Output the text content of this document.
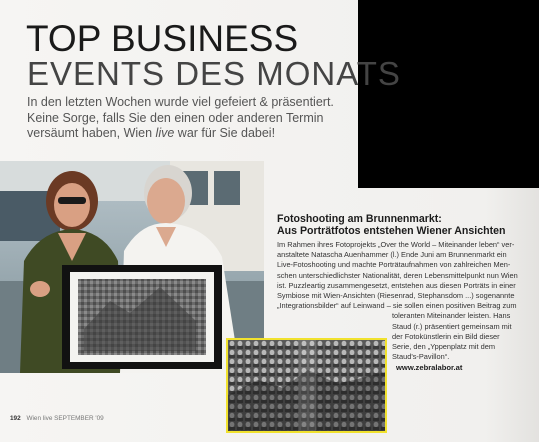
TOP BUSINESS
EVENTS DES MONATS

In den letzten Wochen wurde viel gefeiert & präsentiert.
Keine Sorge, falls Sie den einen oder anderen Termin
versäumt haben, Wien live war für Sie dabei!

Fotoshooting am Brunnenmarkt:
Aus Porträtfotos entstehen Wiener Ansichten

Im Rahmen ihres Fotoprojekts „Over the World – Miteinander leben“ ver-
anstaltete Natascha Auenhammer (l.) Ende Juni am Brunnenmarkt ein
Live-Fotoshooting und machte Porträtaufnahmen von zahlreichen Men-
schen unterschiedlichster Nationalität, deren Lebensmittelpunkt nun Wien
ist. Puzzleartig zusammengesetzt, entstehen aus diesen Porträts in einer
Symbiose mit Wien-Ansichten (Riesenrad, Stephansdom ...) sogenannte
„Integrationsbilder“ auf Leinwand – sie sollen einen positiven Beitrag zum
toleranten Miteinander leisten. Hans
Staud (r.) präsentiert gemeinsam mit
der Fotokünstlerin ein Bild dieser
Serie, den „Yppenplatz mit dem
Staud's-Pavillon“.

www.zebralabor.at
192 Wien live SEPTEMBER '09
